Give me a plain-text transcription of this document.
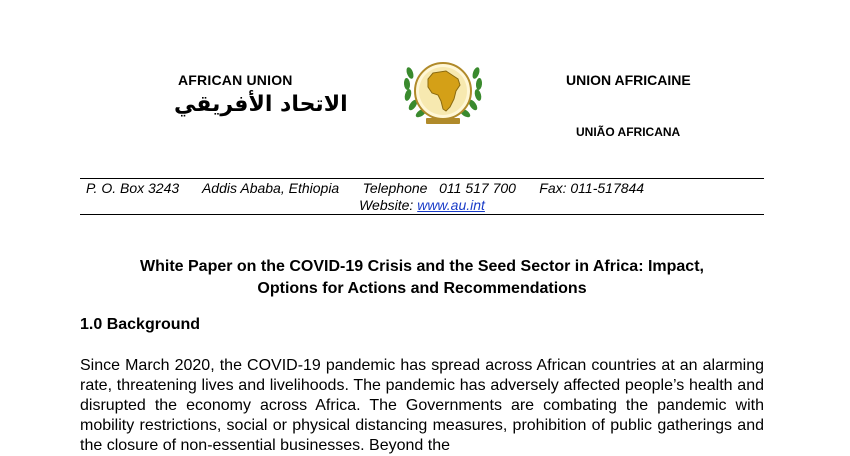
AFRICAN UNION
الاتحاد الأفريقي
UNION AFRICAINE
UNIÃO AFRICANA
P. O. Box 3243 Addis Ababa, Ethiopia Telephone   011 517 700 Fax: 011-517844
Website: www.au.int
White Paper on the COVID-19 Crisis and the Seed Sector in Africa: Impact,
Options for Actions and Recommendations
1.0 Background
Since March 2020, the COVID-19 pandemic has spread across African countries at an alarming rate, threatening lives and livelihoods. The pandemic has adversely affected people’s health and disrupted the economy across Africa. The Governments are combating the pandemic with mobility restrictions, social or physical distancing measures, prohibition of public gatherings and the closure of non-essential businesses. Beyond the
